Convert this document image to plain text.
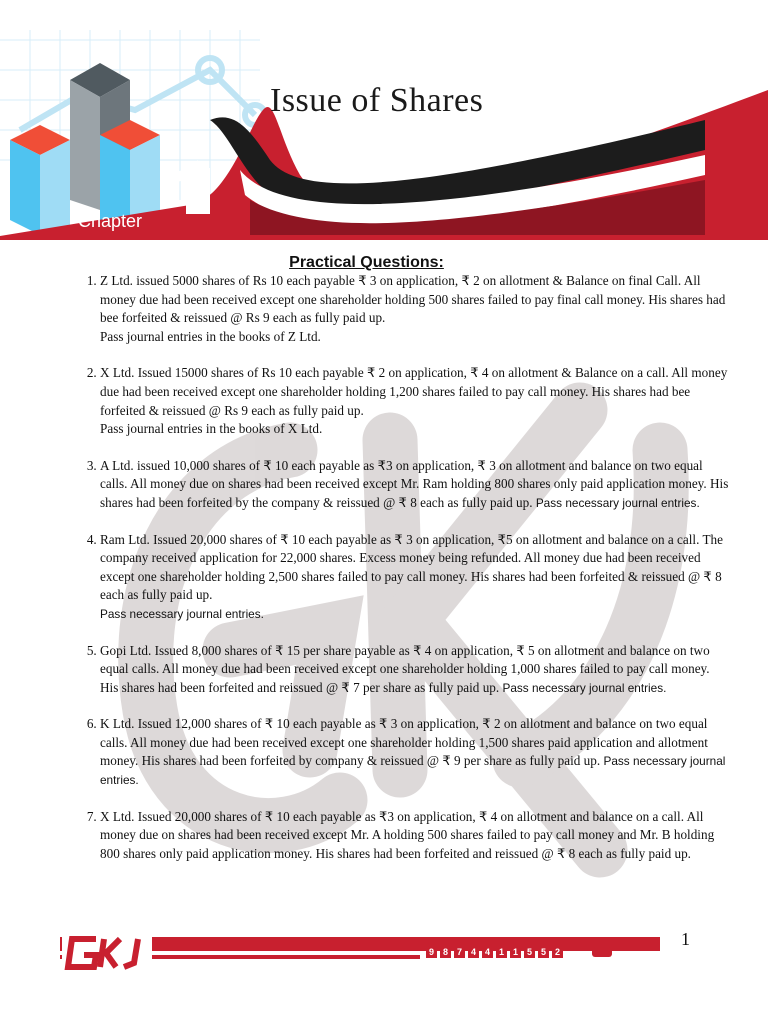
Issue of Shares
Chapter
Practical Questions:
1. Z Ltd. issued 5000 shares of Rs 10 each payable ₹ 3 on application, ₹ 2 on allotment & Balance on final Call. All money due had been received except one shareholder holding 500 shares failed to pay final call money. His shares had bee forfeited & reissued @ Rs 9 each as fully paid up.
Pass journal entries in the books of Z Ltd.
2. X Ltd. Issued 15000 shares of Rs 10 each payable ₹ 2 on application, ₹ 4 on allotment & Balance on a call. All money due had been received except one shareholder holding 1,200 shares failed to pay call money. His shares had bee forfeited & reissued @ Rs 9 each as fully paid up.
Pass journal entries in the books of X Ltd.
3. A Ltd. issued 10,000 shares of ₹ 10 each payable as ₹3 on application, ₹ 3 on allotment and balance on two equal calls. All money due on shares had been received except Mr. Ram holding 800 shares only paid application money. His shares had been forfeited by the company & reissued @ ₹ 8 each as fully paid up. Pass necessary journal entries.
4. Ram Ltd. Issued 20,000 shares of ₹ 10 each payable as ₹ 3 on application, ₹5 on allotment and balance on a call. The company received application for 22,000 shares. Excess money being refunded. All money due had been received except one shareholder holding 2,500 shares failed to pay call money. His shares had been forfeited & reissued @ ₹ 8 each as fully paid up.
Pass necessary journal entries.
5. Gopi Ltd. Issued 8,000 shares of ₹ 15 per share payable as ₹ 4 on application, ₹ 5 on allotment and balance on two equal calls. All money due had been received except one shareholder holding 1,000 shares failed to pay call money. His shares had been forfeited and reissued @ ₹ 7 per share as fully paid up. Pass necessary journal entries.
6. K Ltd. Issued 12,000 shares of ₹ 10 each payable as ₹ 3 on application, ₹ 2 on allotment and balance on two equal calls. All money due had been received except one shareholder holding 1,500 shares paid application and allotment money. His shares had been forfeited by company & reissued @ ₹ 9 per share as fully paid up. Pass necessary journal entries.
7. X Ltd. Issued 20,000 shares of ₹ 10 each payable as ₹3 on application, ₹ 4 on allotment and balance on a call. All money due on shares had been received except Mr. A holding 500 shares failed to pay call money and Mr. B holding 800 shares only paid application money. His shares had been forfeited and reissued @ ₹ 8 each as fully paid up.
9 8 7 4 4 1 1 5 5 2
1
